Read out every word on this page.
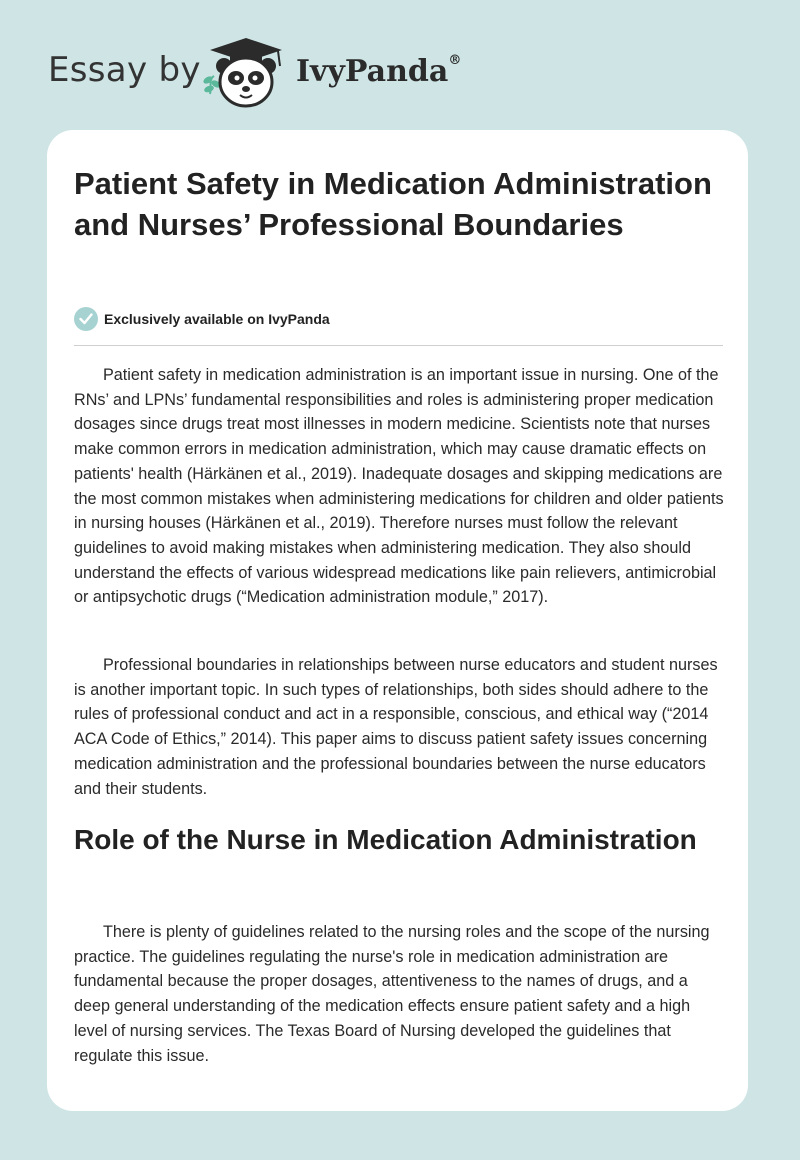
Essay by	IvyPanda®
Patient Safety in Medication Administration and Nurses’ Professional Boundaries
Exclusively available on IvyPanda

Patient safety in medication administration is an important issue in nursing. One of the RNs’ and LPNs’ fundamental responsibilities and roles is administering proper medication dosages since drugs treat most illnesses in modern medicine. Scientists note that nurses make common errors in medication administration, which may cause dramatic effects on patients' health (Härkänen et al., 2019). Inadequate dosages and skipping medications are the most common mistakes when administering medications for children and older patients in nursing houses (Härkänen et al., 2019). Therefore nurses must follow the relevant guidelines to avoid making mistakes when administering medication. They also should understand the effects of various widespread medications like pain relievers, antimicrobial or antipsychotic drugs (“Medication administration module,” 2017).

Professional boundaries in relationships between nurse educators and student nurses is another important topic. In such types of relationships, both sides should adhere to the rules of professional conduct and act in a responsible, conscious, and ethical way (“2014 ACA Code of Ethics,” 2014). This paper aims to discuss patient safety issues concerning medication administration and the professional boundaries between the nurse educators and their students.

Role of the Nurse in Medication Administration

There is plenty of guidelines related to the nursing roles and the scope of the nursing practice. The guidelines regulating the nurse's role in medication administration are fundamental because the proper dosages, attentiveness to the names of drugs, and a deep general understanding of the medication effects ensure patient safety and a high level of nursing services. The Texas Board of Nursing developed the guidelines that regulate this issue.
